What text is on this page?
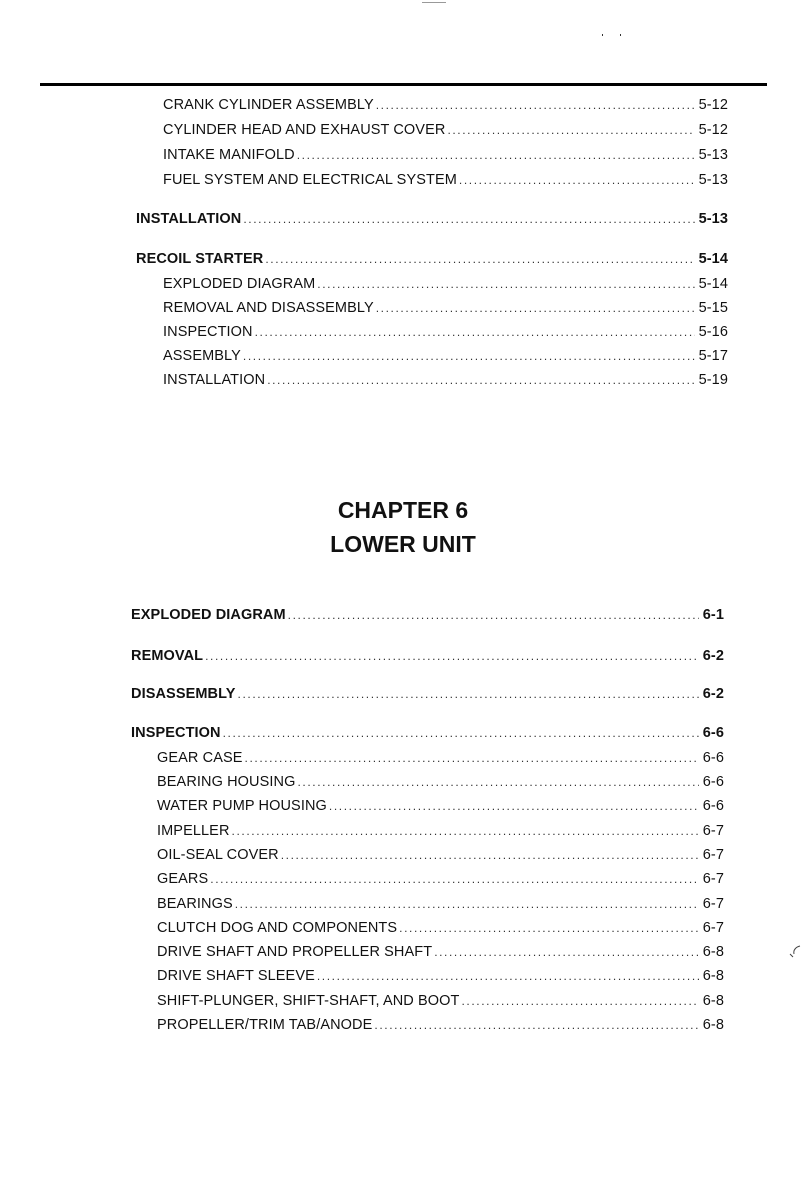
CRANK CYLINDER ASSEMBLY .....	5-12
CYLINDER HEAD AND EXHAUST COVER .....	5-12
INTAKE MANIFOLD .....	5-13
FUEL SYSTEM AND ELECTRICAL SYSTEM .....	5-13
INSTALLATION .....	5-13
RECOIL STARTER .....	5-14
EXPLODED DIAGRAM .....	5-14
REMOVAL AND DISASSEMBLY .....	5-15
INSPECTION .....	5-16
ASSEMBLY .....	5-17
INSTALLATION .....	5-19
CHAPTER 6
LOWER UNIT
EXPLODED DIAGRAM .....	6-1
REMOVAL .....	6-2
DISASSEMBLY .....	6-2
INSPECTION .....	6-6
GEAR CASE .....	6-6
BEARING HOUSING .....	6-6
WATER PUMP HOUSING .....	6-6
IMPELLER .....	6-7
OIL-SEAL COVER .....	6-7
GEARS .....	6-7
BEARINGS .....	6-7
CLUTCH DOG AND COMPONENTS .....	6-7
DRIVE SHAFT AND PROPELLER SHAFT .....	6-8
DRIVE SHAFT SLEEVE .....	6-8
SHIFT-PLUNGER, SHIFT-SHAFT, AND BOOT .....	6-8
PROPELLER/TRIM TAB/ANODE .....	6-8
